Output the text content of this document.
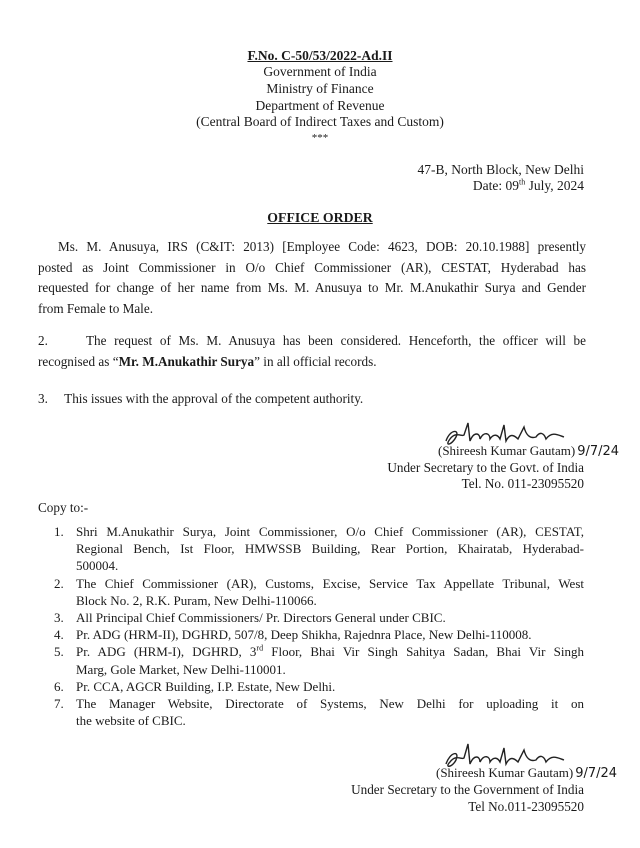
F.No. C-50/53/2022-Ad.II
Government of India
Ministry of Finance
Department of Revenue
(Central Board of Indirect Taxes and Custom)
***
47-B, North Block, New Delhi
Date: 09th July, 2024
OFFICE ORDER
Ms. M. Anusuya, IRS (C&IT: 2013) [Employee Code: 4623, DOB: 20.10.1988] presently
posted as Joint Commissioner in O/o Chief Commissioner (AR), CESTAT, Hyderabad has
requested for change of her name from Ms. M. Anusuya to Mr. M.Anukathir Surya and Gender
from Female to Male.
2.     The request of Ms. M. Anusuya has been considered. Henceforth, the officer will be
recognised as “Mr. M.Anukathir Surya” in all official records.
3.     This issues with the approval of the competent authority.
(Shireesh Kumar Gautam) 9/7/24
Under Secretary to the Govt. of India
Tel. No. 011-23095520
Copy to:-
1. Shri M.Anukathir Surya, Joint Commissioner, O/o Chief Commissioner (AR), CESTAT,
Regional Bench, Ist Floor, HMWSSB Building, Rear Portion, Khairatab, Hyderabad-
500004.
2. The Chief Commissioner (AR), Customs, Excise, Service Tax Appellate Tribunal, West
Block No. 2, R.K. Puram, New Delhi-110066.
3. All Principal Chief Commissioners/ Pr. Directors General under CBIC.
4. Pr. ADG (HRM-II), DGHRD, 507/8, Deep Shikha, Rajednra Place, New Delhi-110008.
5. Pr. ADG (HRM-I), DGHRD, 3rd Floor, Bhai Vir Singh Sahitya Sadan, Bhai Vir Singh
Marg, Gole Market, New Delhi-110001.
6. Pr. CCA, AGCR Building, I.P. Estate, New Delhi.
7. The Manager Website, Directorate of Systems, New Delhi for uploading it on
the website of CBIC.
(Shireesh Kumar Gautam) 9/7/24
Under Secretary to the Government of India
Tel No.011-23095520
